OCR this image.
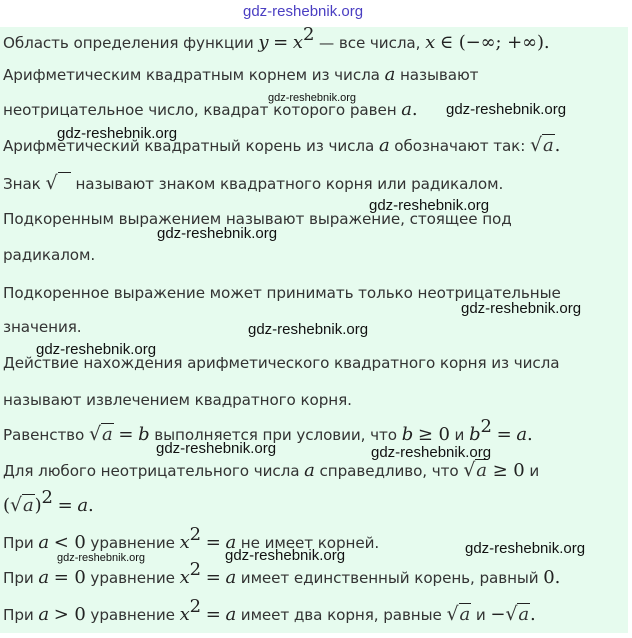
gdz-reshebnik.org
Область определения функции $y = x^2$ — все числа, x ∈ (−∞; +∞).
Арифметическим квадратным корнем из числа a называют
неотрицательное число, квадрат которого равен a.
Арифметический квадратный корень из числа a обозначают так: √a.
Знак √   называют знаком квадратного корня или радикалом.
Подкоренным выражением называют выражение, стоящее под
радикалом.
Подкоренное выражение может принимать только неотрицательные
значения.
Действие нахождения арифметического квадратного корня из числа
называют извлечением квадратного корня.
Равенство √a = b выполняется при условии, что b ≥ 0 и $b^2 = a$.
Для любого неотрицательного числа a справедливо, что √a ≥ 0 и
$(√a)^2 = a$.
При a < 0 уравнение $x^2 = a$ не имеет корней.
При a = 0 уравнение $x^2 = a$ имеет единственный корень, равный 0.
При a > 0 уравнение $x^2 = a$ имеет два корня, равные √a и −√a.
gdz-reshebnik.org
gdz-reshebnik.org
gdz-reshebnik.org
gdz-reshebnik.org
gdz-reshebnik.org
gdz-reshebnik.org
gdz-reshebnik.org
gdz-reshebnik.org
gdz-reshebnik.org	gdz-reshebnik.org
gdz-reshebnik.org	gdz-reshebnik.org	gdz-reshebnik.org
